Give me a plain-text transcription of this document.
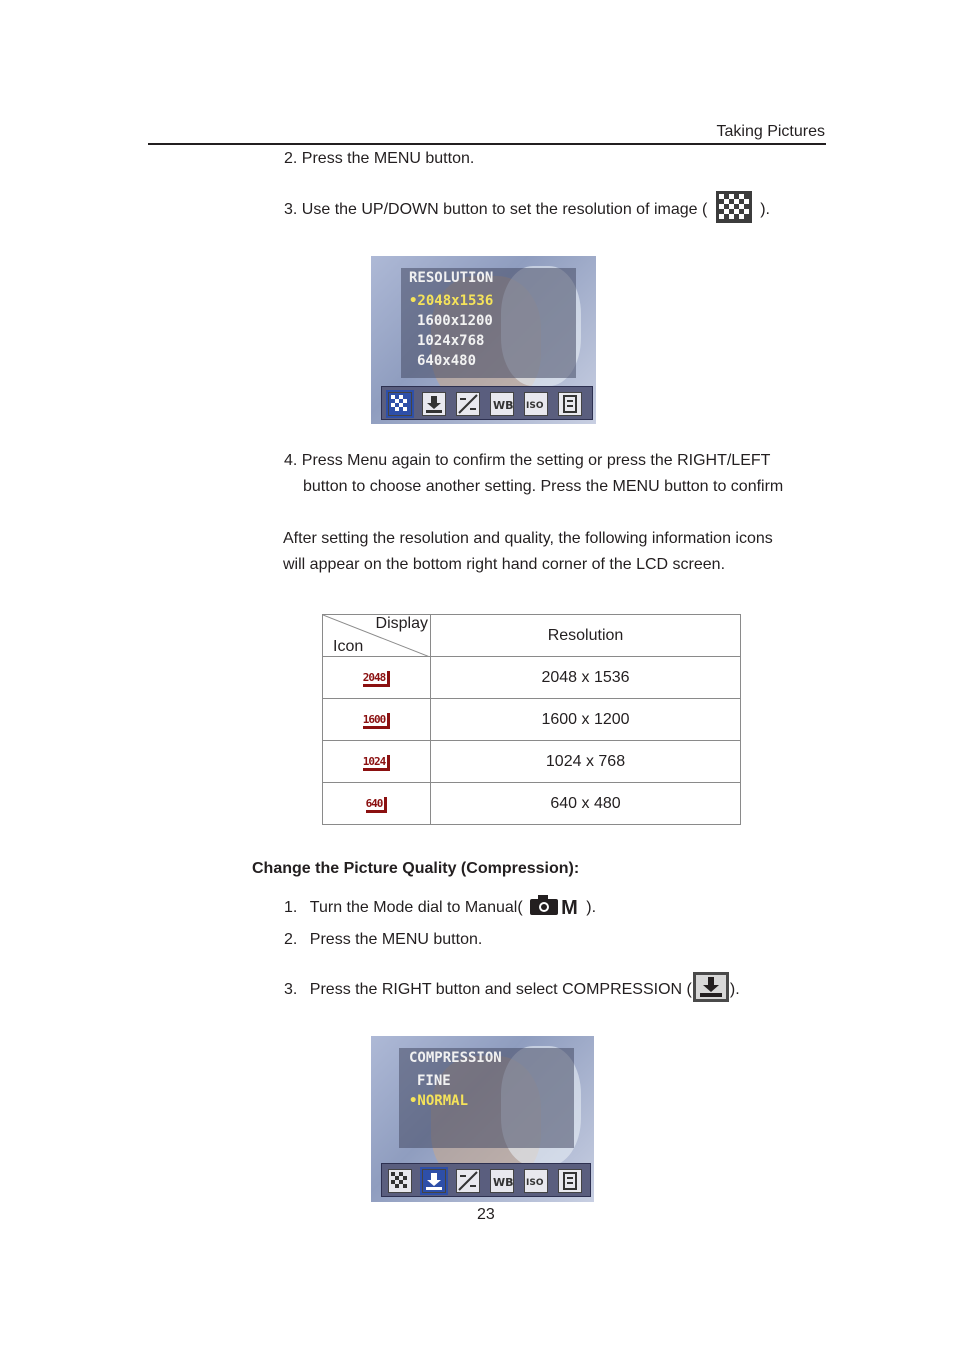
Taking Pictures
2. Press the MENU button.
3. Use the UP/DOWN button to set the resolution of image (	).
RESOLUTION
•2048x1536
1600x1200
1024x768
640x480
WB ISO
4. Press Menu again to confirm the setting or press the RIGHT/LEFT
button to choose another setting. Press the MENU button to confirm
After setting the resolution and quality, the following information icons
will appear on the bottom right hand corner of the LCD screen.
Display
Icon	Resolution
2048	2048 x 1536
1600	1600 x 1200
1024	1024 x 768
640	640 x 480
Change the Picture Quality (Compression):
1. Turn the Mode dial to Manual( M ).
2. Press the MENU button.
3. Press the RIGHT button and select COMPRESSION ( ).
COMPRESSION
FINE
•NORMAL
WB ISO
23
